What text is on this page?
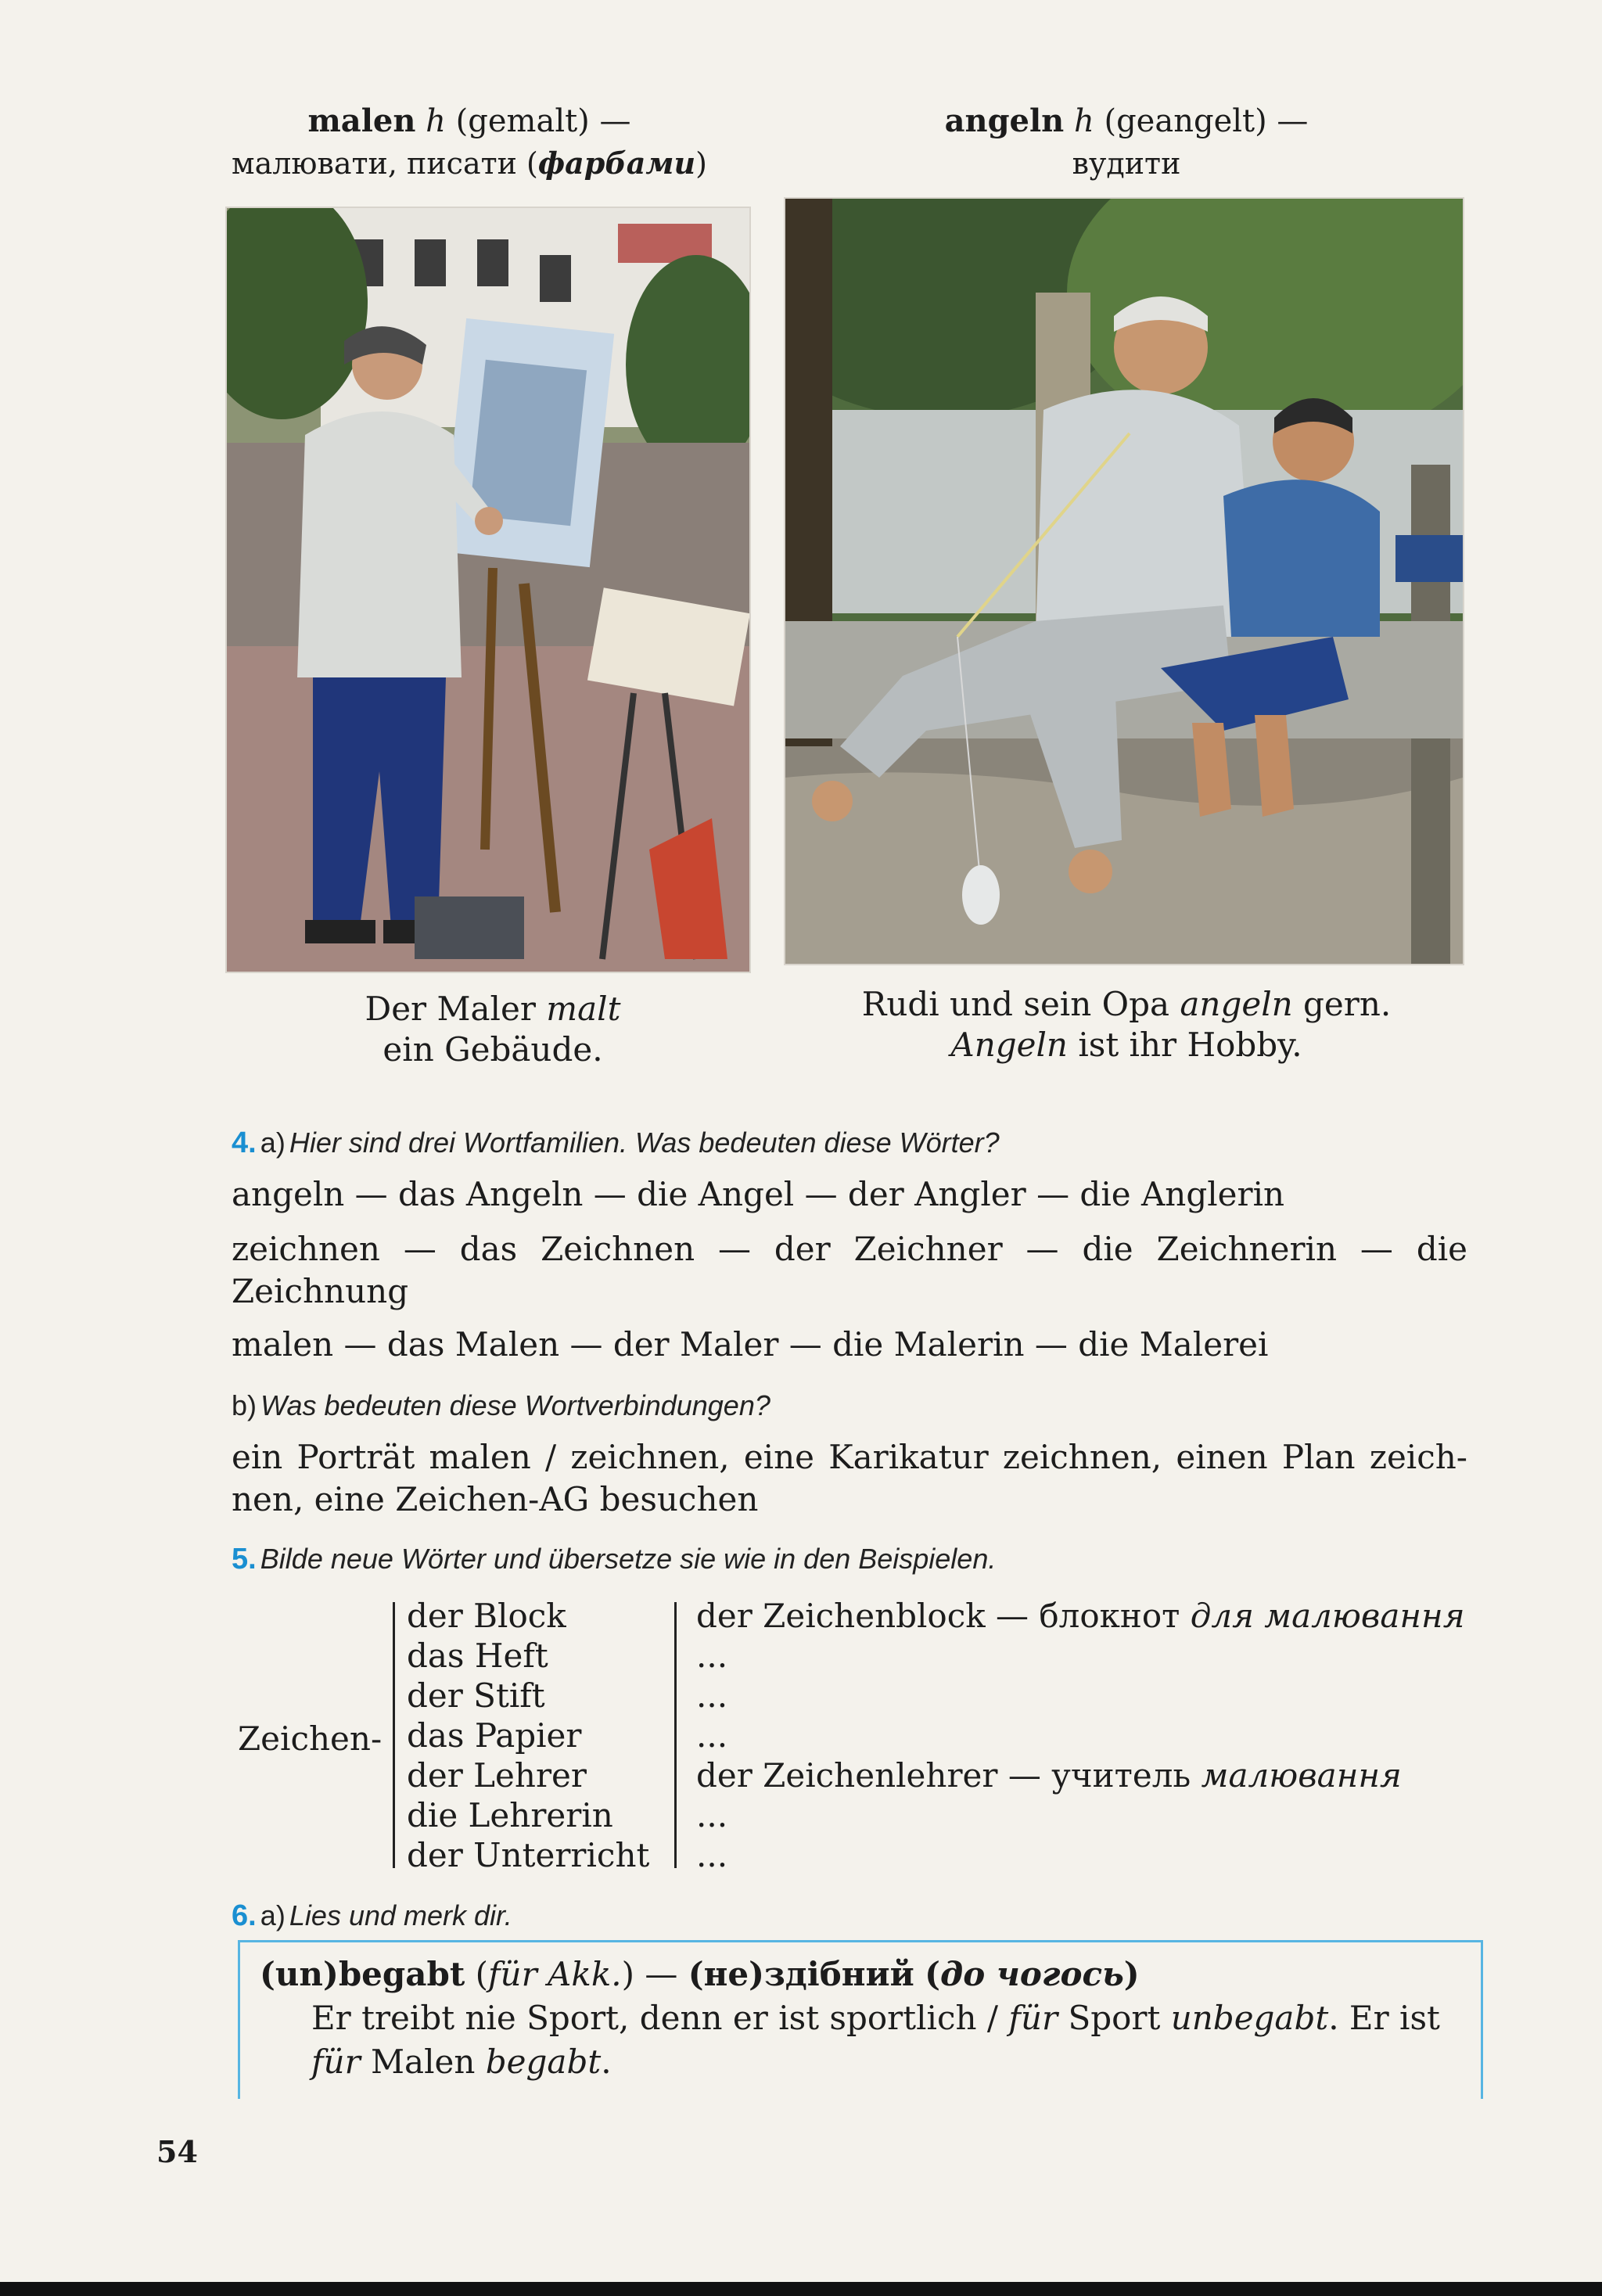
malen h (gemalt) —
малювати, писати (фарбами)
angeln h (geangelt) —
вудити
Der Maler malt
ein Gebäude.
Rudi und sein Opa angeln gern.
Angeln ist ihr Hobby.
4. a) Hier sind drei Wortfamilien. Was bedeuten diese Wörter?
angeln — das Angeln — die Angel — der Angler — die Anglerin
zeichnen — das Zeichnen — der Zeichner — die Zeichnerin — die
Zeichnung
malen — das Malen — der Maler — die Malerin — die Malerei
b) Was bedeuten diese Wortverbindungen?
ein Porträt malen / zeichnen, eine Karikatur zeichnen, einen Plan zeich-
nen, eine Zeichen-AG besuchen
5. Bilde neue Wörter und übersetze sie wie in den Beispielen.
Zeichen-
der Block
das Heft
der Stift
das Papier
der Lehrer
die Lehrerin
der Unterricht
der Zeichenblock — блокнот для малювання
...
...
...
der Zeichenlehrer — учитель малювання
...
...
6. a) Lies und merk dir.
(un)begabt (für Akk.) — (не)здібний (до чогось)
Er treibt nie Sport, denn er ist sportlich / für Sport unbegabt. Er ist
für Malen begabt.
54
